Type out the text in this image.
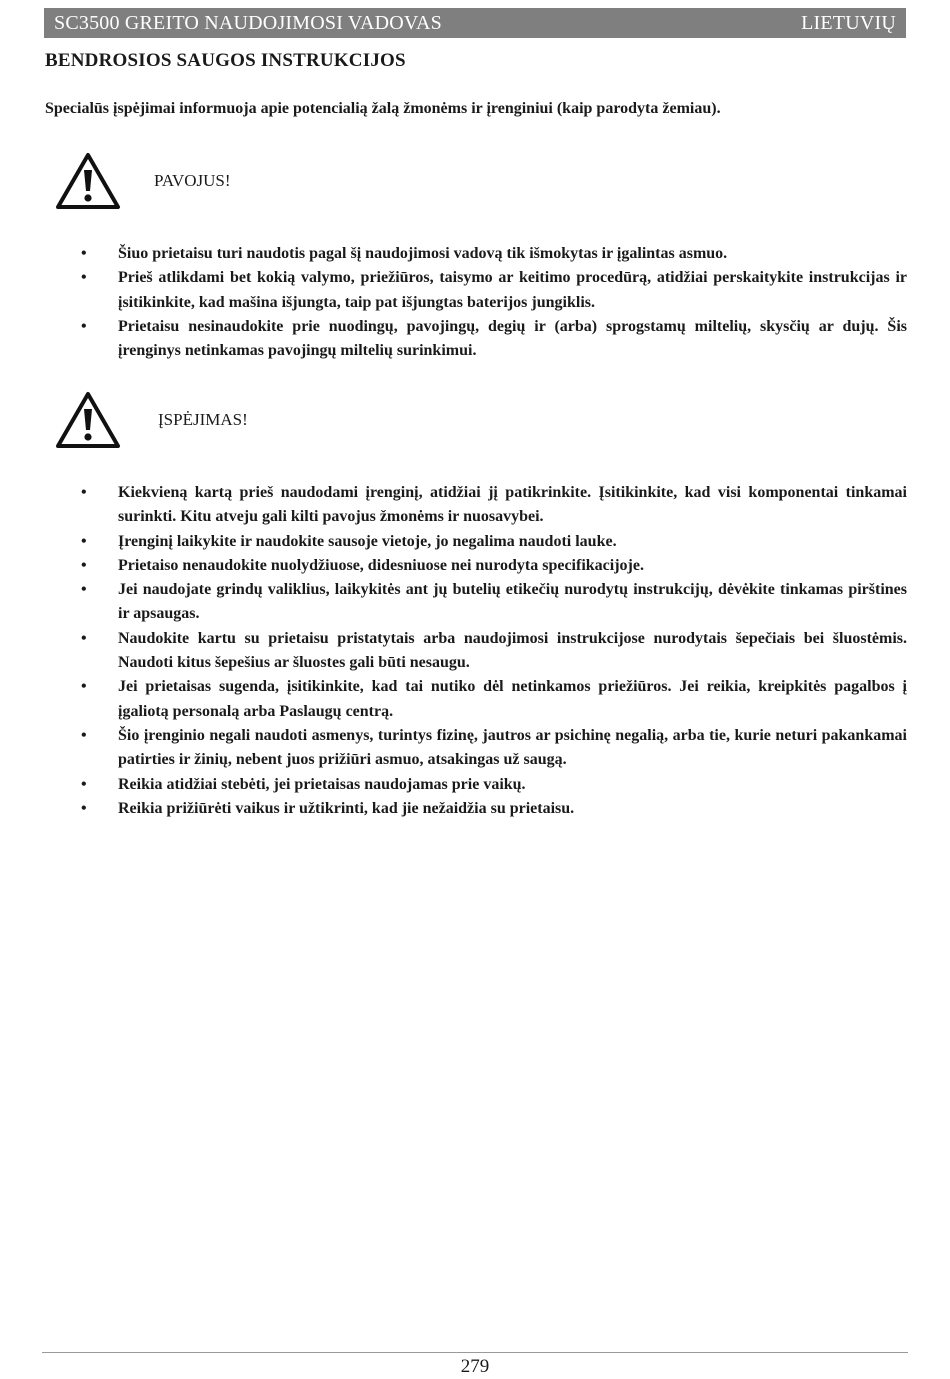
SC3500 GREITO NAUDOJIMOSI VADOVAS	LIETUVIŲ
BENDROSIOS SAUGOS INSTRUKCIJOS
Specialūs įspėjimai informuoja apie potencialią žalą žmonėms ir įrenginiui (kaip parodyta žemiau).
PAVOJUS!
• Šiuo prietaisu turi naudotis pagal šį naudojimosi vadovą tik išmokytas ir įgalintas asmuo.
• Prieš atlikdami bet kokią valymo, priežiūros, taisymo ar keitimo procedūrą, atidžiai perskaitykite instrukcijas ir įsitikinkite, kad mašina išjungta, taip pat išjungtas baterijos jungiklis.
• Prietaisu nesinaudokite prie nuodingų, pavojingų, degių ir (arba) sprogstamų miltelių, skysčių ar dujų. Šis įrenginys netinkamas pavojingų miltelių surinkimui.
ĮSPĖJIMAS!
• Kiekvieną kartą prieš naudodami įrenginį, atidžiai jį patikrinkite. Įsitikinkite, kad visi komponentai tinkamai surinkti. Kitu atveju gali kilti pavojus žmonėms ir nuosavybei.
• Įrenginį laikykite ir naudokite sausoje vietoje, jo negalima naudoti lauke.
• Prietaiso nenaudokite nuolydžiuose, didesniuose nei nurodyta specifikacijoje.
• Jei naudojate grindų valiklius, laikykitės ant jų butelių etikečių nurodytų instrukcijų, dėvėkite tinkamas pirštines ir apsaugas.
• Naudokite kartu su prietaisu pristatytais arba naudojimosi instrukcijose nurodytais šepečiais bei šluostėmis. Naudoti kitus šepešius ar šluostes gali būti nesaugu.
• Jei prietaisas sugenda, įsitikinkite, kad tai nutiko dėl netinkamos priežiūros. Jei reikia, kreipkitės pagalbos į įgaliotą personalą arba Paslaugų centrą.
• Šio įrenginio negali naudoti asmenys, turintys fizinę, jautros ar psichinę negalią, arba tie, kurie neturi pakankamai patirties ir žinių, nebent juos prižiūri asmuo, atsakingas už saugą.
• Reikia atidžiai stebėti, jei prietaisas naudojamas prie vaikų.
• Reikia prižiūrėti vaikus ir užtikrinti, kad jie nežaidžia su prietaisu.
279
